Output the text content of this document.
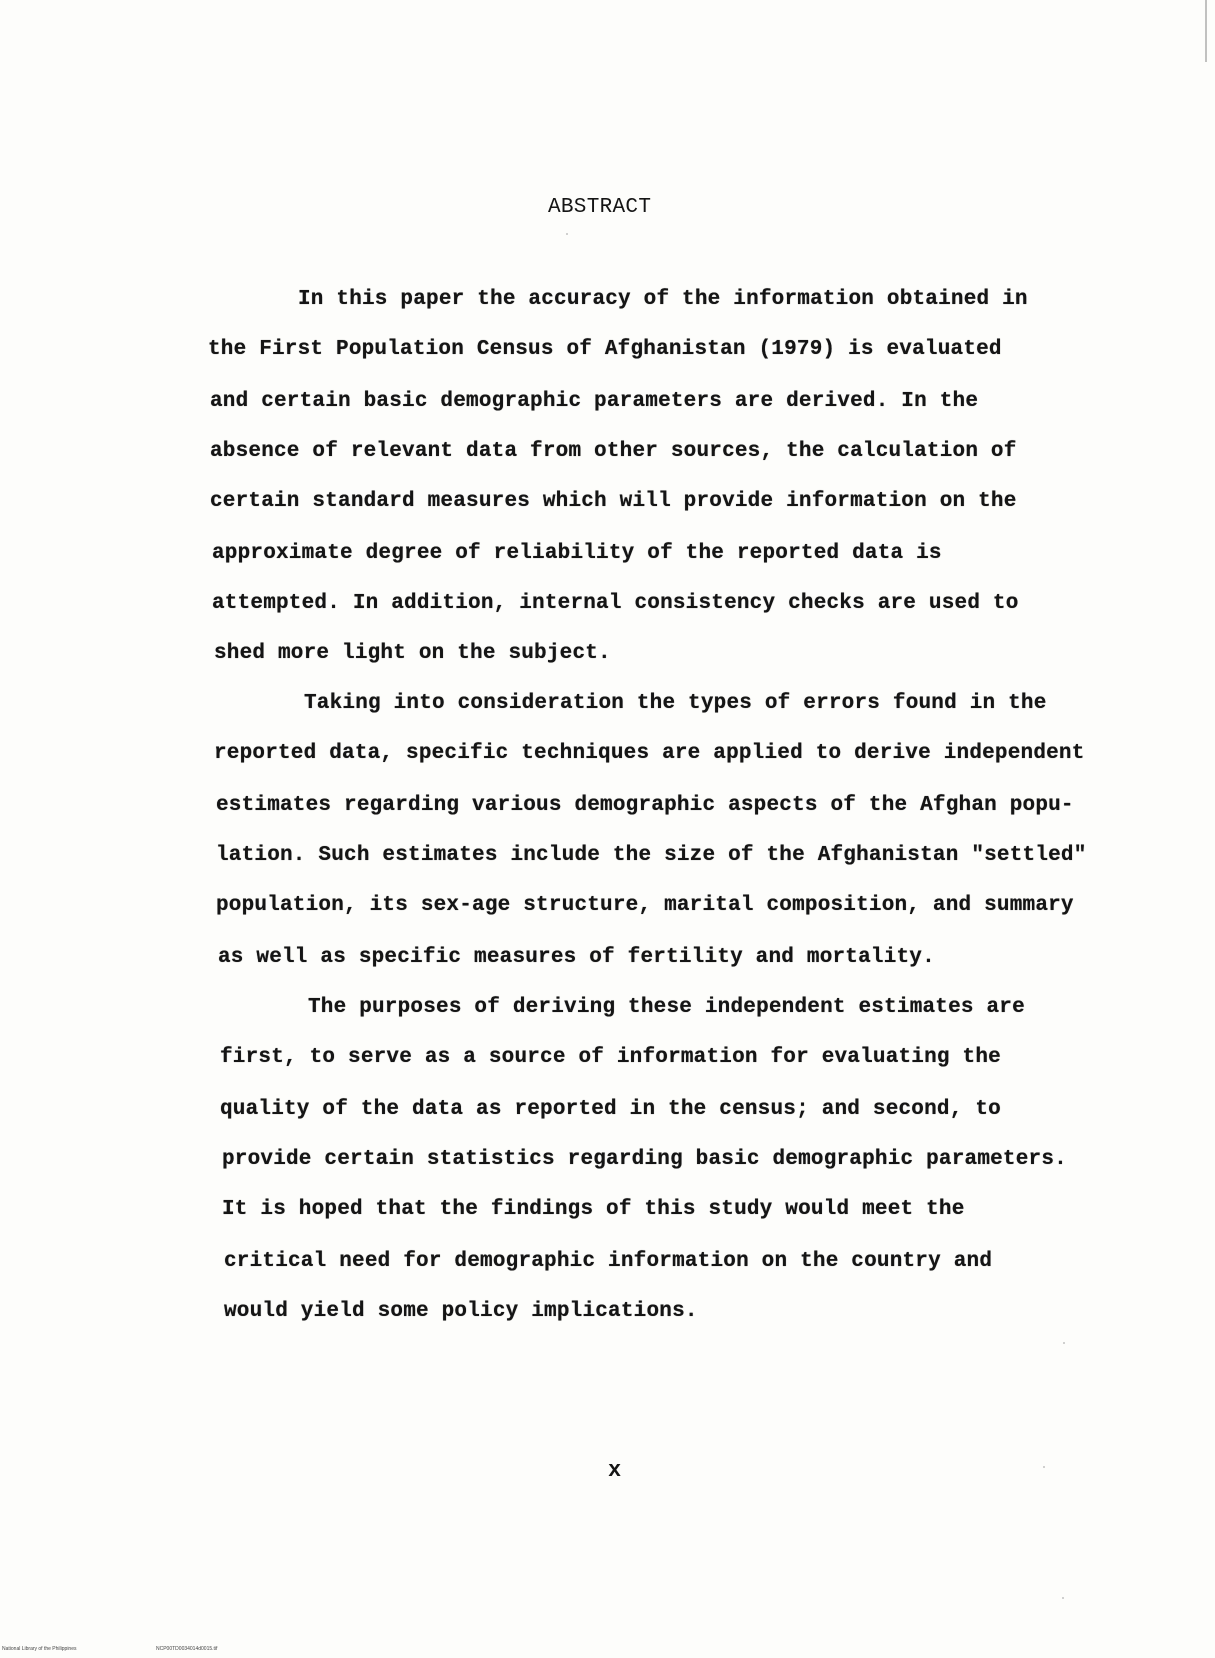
ABSTRACT
In this paper the accuracy of the information obtained in
the First Population Census of Afghanistan (1979) is evaluated
and certain basic demographic parameters are derived. In the
absence of relevant data from other sources, the calculation of
certain standard measures which will provide information on the
approximate degree of reliability of the reported data is
attempted. In addition, internal consistency checks are used to
shed more light on the subject.
Taking into consideration the types of errors found in the
reported data, specific techniques are applied to derive independent
estimates regarding various demographic aspects of the Afghan popu-
lation. Such estimates include the size of the Afghanistan "settled"
population, its sex-age structure, marital composition, and summary
as well as specific measures of fertility and mortality.
The purposes of deriving these independent estimates are
first, to serve as a source of information for evaluating the
quality of the data as reported in the census; and second, to
provide certain statistics regarding basic demographic parameters.
It is hoped that the findings of this study would meet the
critical need for demographic information on the country and
would yield some policy implications.
x
National Library of the Philippines	NCP00TD0034014d0015.tif
